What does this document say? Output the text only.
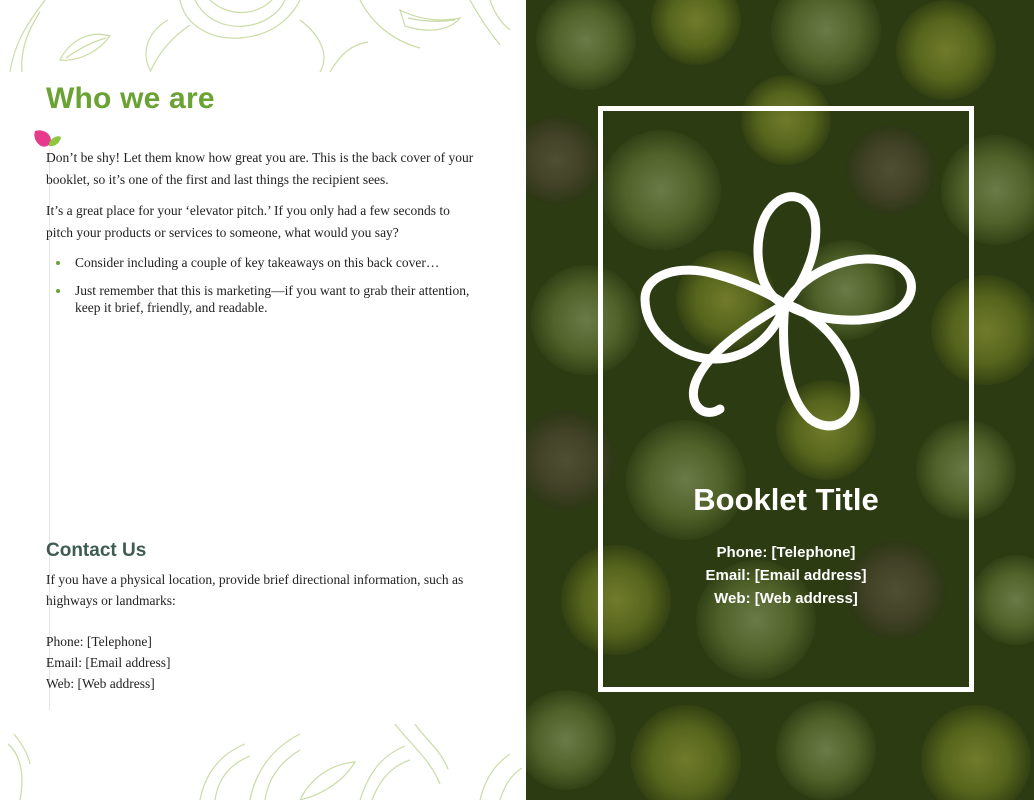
Who we are

Don’t be shy! Let them know how great you are. This is the back cover of your booklet, so it’s one of the first and last things the recipient sees.

It’s a great place for your ‘elevator pitch.’ If you only had a few seconds to pitch your products or services to someone, what would you say?

Consider including a couple of key takeaways on this back cover…
Just remember that this is marketing—if you want to grab their attention, keep it brief, friendly, and readable.
Contact Us

If you have a physical location, provide brief directional information, such as highways or landmarks:

Phone: [Telephone]
Email: [Email address]
Web: [Web address]
Booklet Title
Phone: [Telephone]
Email: [Email address]
Web: [Web address]
